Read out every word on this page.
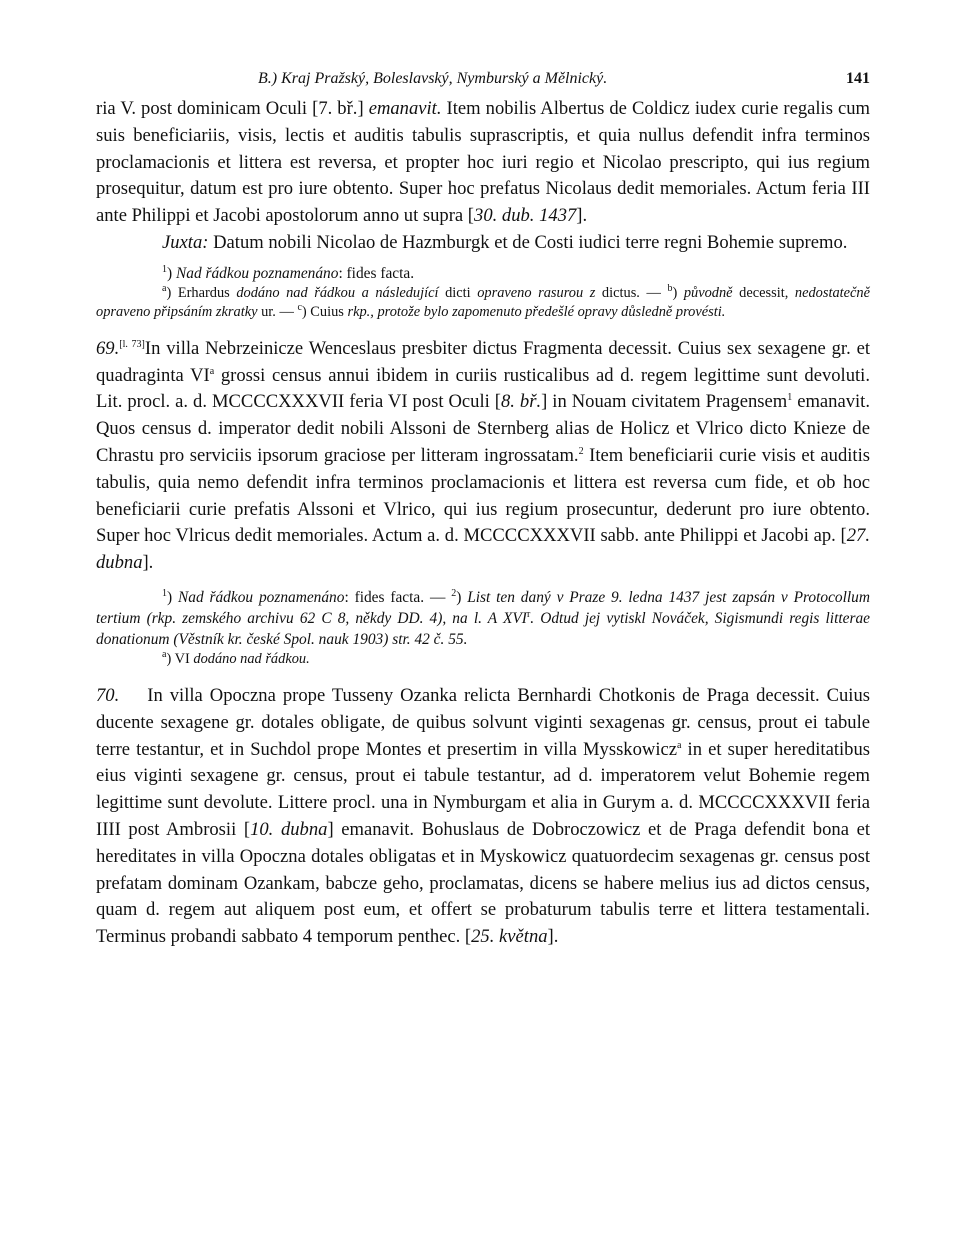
B.) Kraj Pražský, Boleslavský, Nymburský a Mělnický.	141

ria V. post dominicam Oculi [7. bř.] emanavit. Item nobilis Albertus de Coldicz iudex curie regalis cum suis beneficiariis, visis, lectis et auditis tabulis suprascriptis, et quia nullus defendit infra terminos proclamacionis et littera est reversa, et propter hoc iuri regio et Nicolao prescripto, qui ius regium prosequitur, datum est pro iure obtento. Super hoc prefatus Nicolaus dedit memoriales. Actum feria III ante Philippi et Jacobi apostolorum anno ut supra [30. dub. 1437].

Juxta: Datum nobili Nicolao de Hazmburgk et de Costi iudici terre regni Bohemie supremo.

$^1$) Nad řádkou poznamenáno: fides facta.

$^a$) Erhardus dodáno nad řádkou a následující dicti opraveno rasurou z dictus. — $^b$) původně decessit, nedostatečně opraveno připsáním zkratky ur. — $^c$) Cuius rkp., protože bylo zapomenuto předešlé opravy důsledně provésti.

69.[l. 73]In villa Nebrzeinicze Wenceslaus presbiter dictus Fragmenta decessit. Cuius sex sexagene gr. et quadraginta $VI^a$ grossi census annui ibidem in curiis rusticalibus ad d. regem legittime sunt devoluti. Lit. procl. a. d. MCCCCXXXVII feria VI post Oculi [8. bř.] in Nouam civitatem Pragensem$^1$ emanavit. Quos census d. imperator dedit nobili Alssoni de Sternberg alias de Holicz et Vlrico dicto Knieze de Chrastu pro serviciis ipsorum graciose per litteram ingrossatam.$^2$ Item beneficiarii curie visis et auditis tabulis, quia nemo defendit infra terminos proclamacionis et littera est reversa cum fide, et ob hoc beneficiarii curie prefatis Alssoni et Vlrico, qui ius regium prosecuntur, dederunt pro iure obtento. Super hoc Vlricus dedit memoriales. Actum a. d. MCCCCXXXVII sabb. ante Philippi et Jacobi ap. [27. dubna].

$^1$) Nad řádkou poznamenáno: fides facta. — $^2$) List ten daný v Praze 9. ledna 1437 jest zapsán v Protocollum tertium (rkp. zemského archivu 62 C 8, někdy DD. 4), na l. A XVI$^r$. Odtud jej vytiskl Nováček, Sigismundi regis litterae donationum (Věstník kr. české Spol. nauk 1903) str. 42 č. 55.

$^a$) VI dodáno nad řádkou.

70. In villa Opoczna prope Tusseny Ozanka relicta Bernhardi Chotkonis de Praga decessit. Cuius ducente sexagene gr. dotales obligate, de quibus solvunt viginti sexagenas gr. census, prout ei tabule terre testantur, et in Suchdol prope Montes et presertim in villa Mysskowicz$^a$ in et super hereditatibus eius viginti sexagene gr. census, prout ei tabule testantur, ad d. imperatorem velut Bohemie regem legittime sunt devolute. Littere procl. una in Nymburgam et alia in Gurym a. d. MCCCCXXXVII feria IIII post Ambrosii [10. dubna] emanavit. Bohuslaus de Dobroczowicz et de Praga defendit bona et hereditates in villa Opoczna dotales obligatas et in Myskowicz quatuordecim sexagenas gr. census post prefatam dominam Ozankam, babcze geho, proclamatas, dicens se habere melius ius ad dictos census, quam d. regem aut aliquem post eum, et offert se probaturum tabulis terre et littera testamentali. Terminus probandi sabbato 4 temporum penthec. [25. května].
